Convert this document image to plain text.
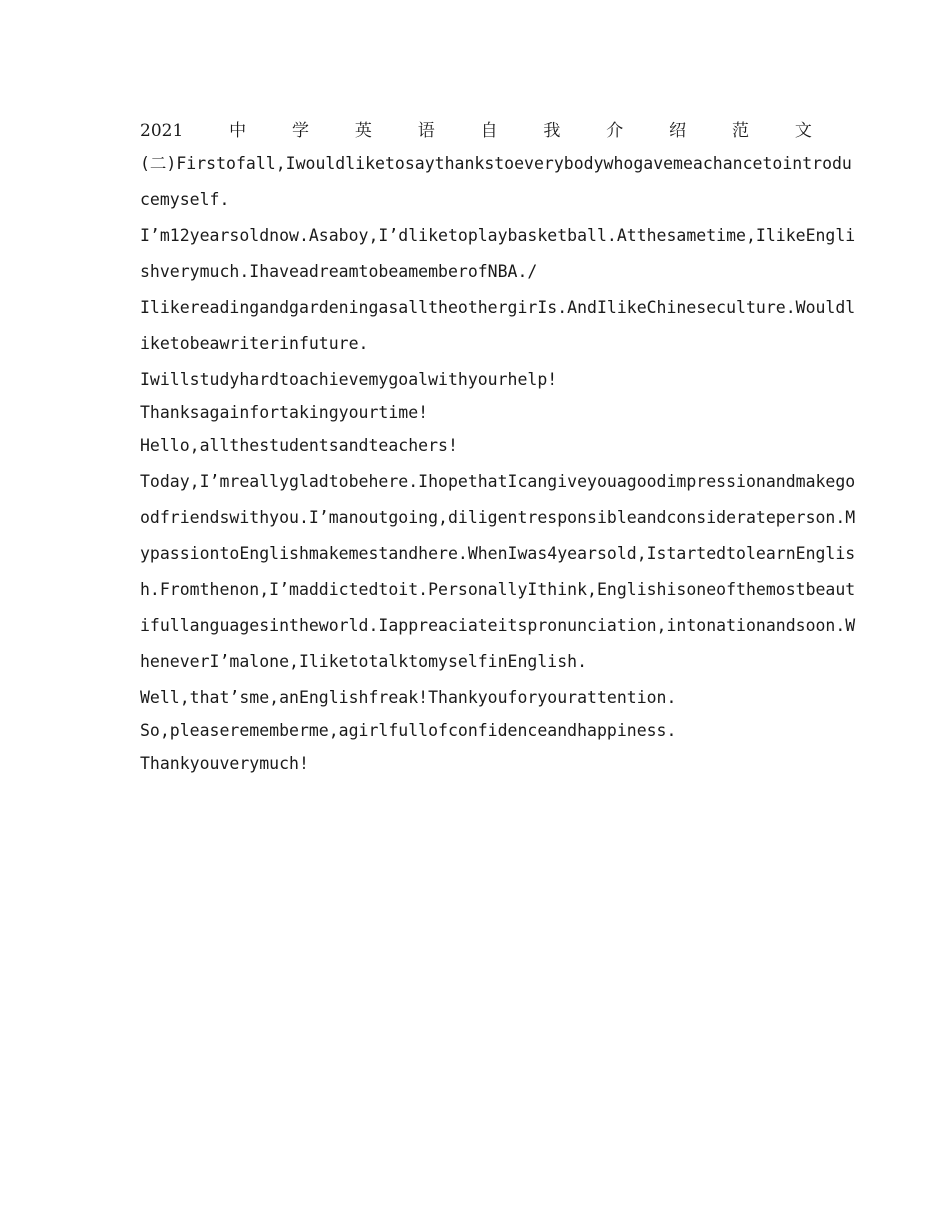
2021	中	学	英	语	自	我	介	绍	范	文
(二)Firstofall,Iwouldliketosaythankstoeverybodywhogavemeachancetointrodu
cemyself.
I’m12yearsoldnow.Asaboy,I’dliketoplaybasketball.Atthesametime,IlikeEngli
shverymuch.IhaveadreamtobeamemberofNBA./
IlikereadingandgardeningasalltheothergirIs.AndIlikeChineseculture.Wouldl
iketobeawriterinfuture.
Iwillstudyhardtoachievemygoalwithyourhelp!
Thanksagainfortakingyourtime!
Hello,allthestudentsandteachers!
Today,I’mreallygladtobehere.IhopethatIcangiveyouagoodimpressionandmakego
odfriendswithyou.I’manoutgoing,diligentresponsibleandconsiderateperson.M
ypassiontoEnglishmakemestandhere.WhenIwas4yearsold,IstartedtolearnEnglis
h.Fromthenon,I’maddictedtoit.PersonallyIthink,Englishisoneofthemostbeaut
ifullanguagesintheworld.Iappreaciateitspronunciation,intonationandsoon.W
heneverI’malone,IliketotalktomyselfinEnglish.
Well,that’sme,anEnglishfreak!Thankyouforyourattention.
So,pleaserememberme,agirlfullofconfidenceandhappiness.
Thankyouverymuch!
